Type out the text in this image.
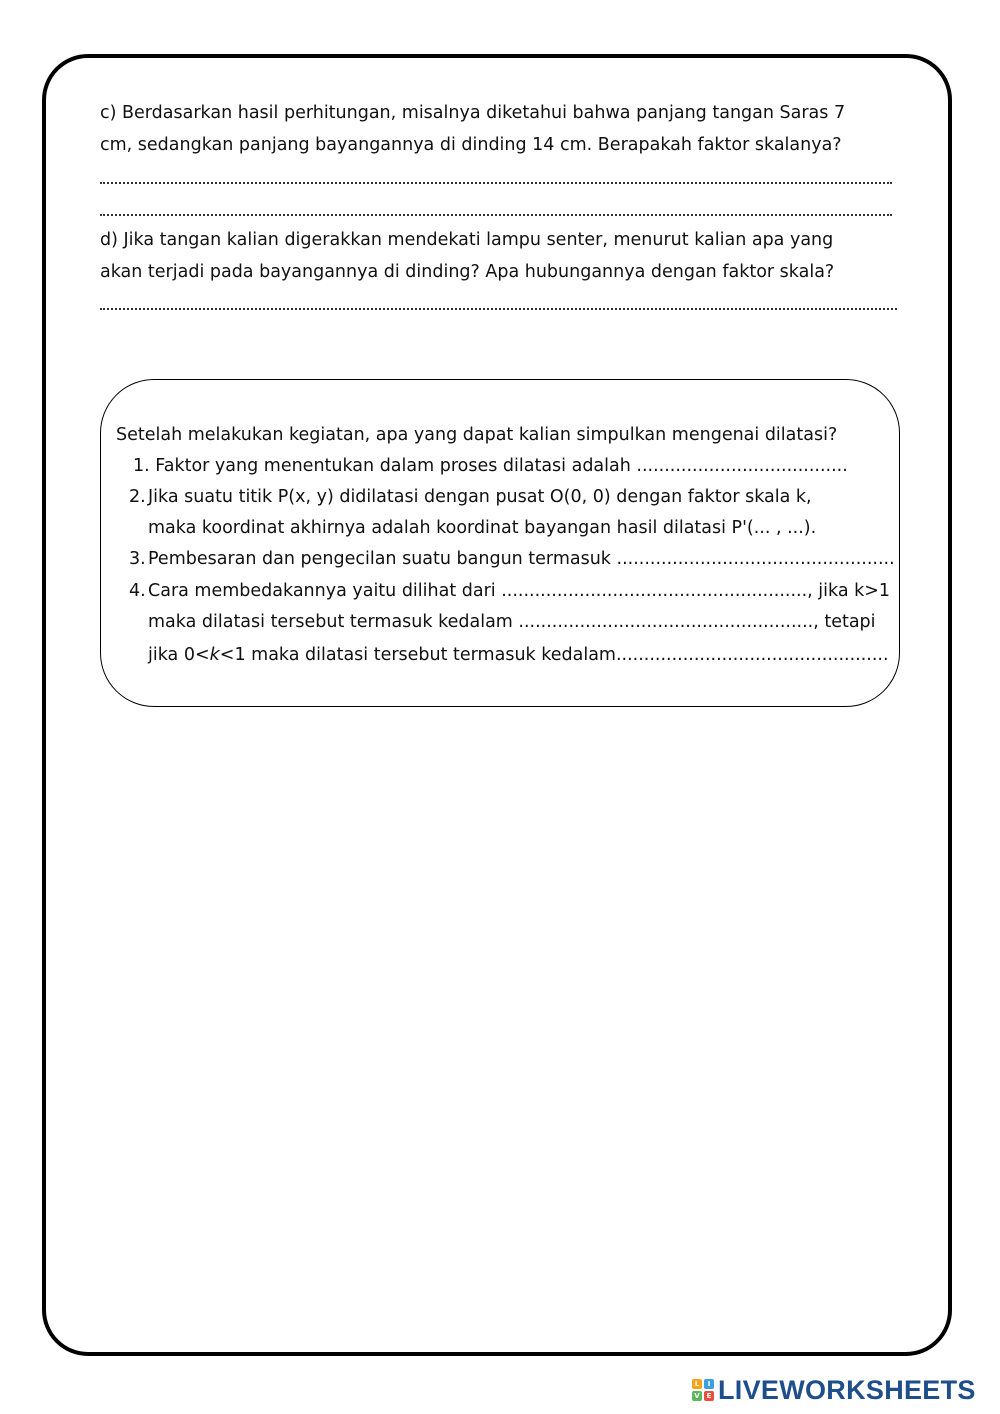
c) Berdasarkan hasil perhitungan, misalnya diketahui bahwa panjang tangan Saras 7
cm, sedangkan panjang bayangannya di dinding 14 cm. Berapakah faktor skalanya?
d) Jika tangan kalian digerakkan mendekati lampu senter, menurut kalian apa yang
akan terjadi pada bayangannya di dinding? Apa hubungannya dengan faktor skala?
Setelah melakukan kegiatan, apa yang dapat kalian simpulkan mengenai dilatasi?
1. Faktor yang menentukan dalam proses dilatasi adalah ......................................
2. Jika suatu titik P(x, y) didilatasi dengan pusat O(0, 0) dengan faktor skala k,
maka koordinat akhirnya adalah koordinat bayangan hasil dilatasi P'(... , ...).
3. Pembesaran dan pengecilan suatu bangun termasuk ..................................................
4. Cara membedakannya yaitu dilihat dari ......................................................., jika k>1
maka dilatasi tersebut termasuk kedalam ....................................................., tetapi
jika 0<k<1 maka dilatasi tersebut termasuk kedalam.................................................
L	I
V E LIVEWORKSHEETS
